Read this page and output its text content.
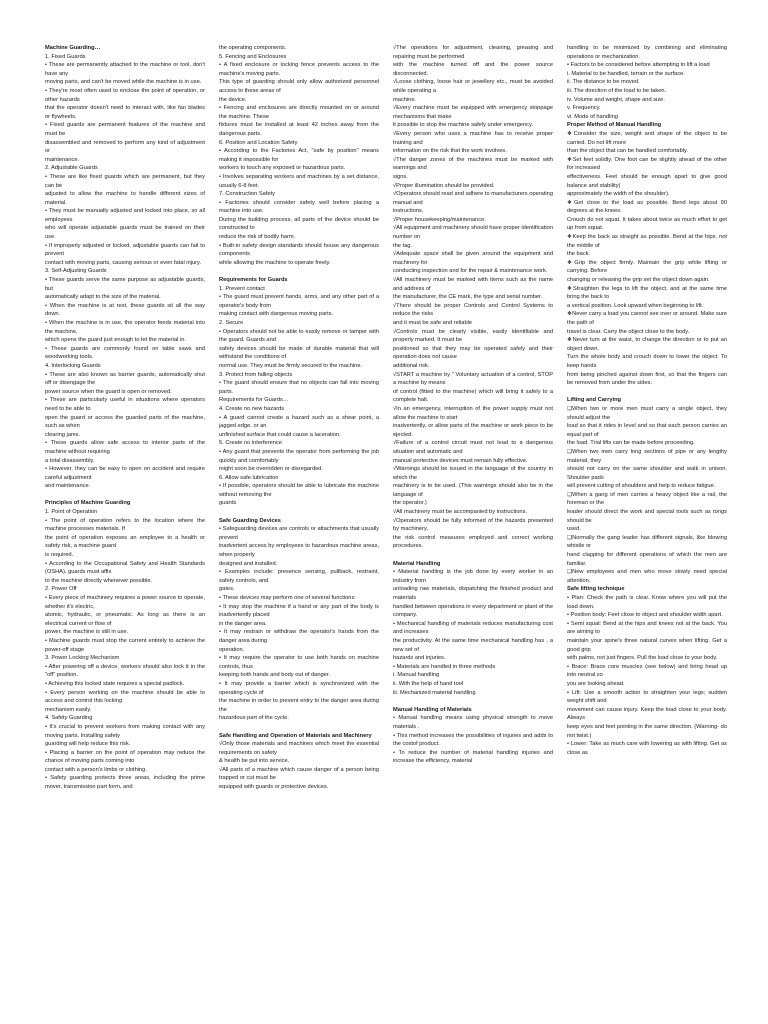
Machine Guarding…
1. Fixed Guards
• These are permanently attached to the machine or tool, don't have any
moving parts, and can't be moved while the machine is in use.
• They're most often used to enclose the point of operation, or other hazards
that the operator doesn't need to interact with, like fan blades or flywheels.
• Fixed guards are permanent features of the machine and must be
disassembled and removed to perform any kind of adjustment or
maintenance.
2. Adjustable Guards
• These are like fixed guards which are permanent, but they can be
adjusted to allow the machine to handle different sizes of material.
• They must be manually adjusted and locked into place, so all employees
who will operate adjustable guards must be trained on their use.
• If improperly adjusted or locked, adjustable guards can fail to prevent
contact with moving parts, causing serious or even fatal injury.
3. Self-Adjusting Guards
• These guards serve the same purpose as adjustable guards, but
automatically adapt to the size of the material.
• When the machine is at rest, these guards sit all the way down.
• When the machine is in use, the operator feeds material into the machine,
which opens the guard just enough to let the material in.
• These guards are commonly found on table saws and woodworking tools.
4. Interlocking Guards
• These are also known as barrier guards, automatically shut off or disengage the
power source when the guard is open or removed.
• These are particularly useful in situations where operators need to be able to
open the guard or access the guarded parts of the machine, such as when
clearing jams.
• These guards allow safe access to interior parts of the machine without requiring
a total disassembly.
• However, they can be easy to open on accident and require careful adjustment
and maintenance.
Principles of Machine Guarding
1. Point of Operation
• The point of operation refers to the location where the machine processes materials. If
the point of operation exposes an employee to a health or safety risk, a machine guard
is required.
• According to the Occupational Safety and Health Standards (OSHA), guards must affix
to the machine directly whenever possible.
2. Power Off
• Every piece of machinery requires a power source to operate, whether it's electric,
atomic, hydraulic, or pneumatic. As long as there is an electrical current or flow of
power, the machine is still in use.
• Machine guards must stop the current entirely to achieve the power-off stage
3. Power Locking Mechanism
• After powering off a device, workers should also lock it in the "off" position.
• Achieving this locked state requires a special padlock.
• Every person working on the machine should be able to access and control this locking
mechanism easily.
4. Safety Guarding
• It's crucial to prevent workers from making contact with any moving parts. Installing safety
guarding will help reduce this risk.
• Placing a barrier on the point of operation may reduce the chance of moving parts coming into
contact with a person's limbs or clothing.
• Safety guarding protects three areas, including the prime mover, transmission part form, and
the operating components.
5. Fencing and Enclosures
• A fixed enclosure or locking fence prevents access to the machine's moving parts.
This type of guarding should only allow authorized personnel access to these areas of
the device.
• Fencing and enclosures are directly mounted on or around the machine. These
fixtures must be installed at least 42 inches away from the dangerous parts.
6. Position and Location Safety
• According to the Factories Act, "safe by position" means making it impossible for
workers to touch any exposed or hazardous parts.
• Involves separating workers and machines by a set distance, usually 6-8 feet.
7. Construction Safety
• Factories should consider safety well before placing a machine into use.
During the building process, all parts of the device should be constructed to
reduce the risk of bodily harm.
• Built-in safety design standards should house any dangerous components
while allowing the machine to operate freely.
Requirements for Guards
1. Prevent contact
• The guard must prevent hands, arms, and any other part of a operator's body from
making contact with dangerous moving parts.
2. Secure
• Operators should not be able to easily remove or tamper with the guard. Guards and
safety devices should be made of durable material that will withstand the conditions of
normal use. They must be firmly secured to the machine.
3. Protect from falling objects
• The guard should ensure that no objects can fall into moving parts.
Requirements for Guards…
4. Create no new hazards
• A guard cannot create a hazard such as a shear point, a jagged edge, or an
unfinished surface that could cause a laceration.
5. Create no interference
• Any guard that prevents the operator from performing the job quickly and comfortably
might soon be overridden or disregarded.
6. Allow safe lubrication
• If possible, operators should be able to lubricate the machine without removing the
guards
Safe Guarding Devices
• Safeguarding devices are controls or attachments that usually prevent
inadvertent access by employees to hazardous machine areas, when properly
designed and installed.
• Examples include: presence sensing, pullback, restraint, safety controls, and
gates.
• These devices may perform one of several functions:
• It may stop the machine if a hand or any part of the body is inadvertently placed
in the danger area.
• It may restrain or withdraw the operator's hands from the danger area during
operation.
• It may require the operator to use both hands on machine controls, thus
keeping both hands and body out of danger.
• It may provide a barrier which is synchronized with the operating cycle of
the machine in order to prevent entry to the danger area during the
hazardous part of the cycle.
Safe Handling and Operation of Materials and Machinery
√Only those materials and machines which meet the essential requirements on safety
& health be put into service.
√All parts of a machine which cause danger of a person being trapped or cut must be
equipped with guards or protective devices.
√The operations for adjustment, cleaning, greasing and repairing must be performed
with the machine turned off and the power source disconnected.
√Loose clothing, loose hair or jewellery etc., must be avoided while operating a
machine.
√Every machine must be equipped with emergency stoppage mechanisms that make
it possible to stop the machine safely under emergency.
√Every person who uses a machine has to receive proper training and
information on the risk that the work involves.
√The danger zones of the machines must be marked with warnings and
signs.
√Proper illumination should be provided.
√Operators should read and adhere to manufacturers operating manual and
instructions.
√Proper housekeeping/maintenance.
√All equipment and machinery should have proper identification number on
the tag.
√Adequate space shall be given around the equipment and machinery for
conducting inspection and for the repair & maintenance work.
√All machinery must be marked with items such as the name and address of
the manufacturer, the CE mark, the type and serial number.
√There should be proper Controls and Control Systems to reduce the risks
and it must be safe and reliable
√Controls must be clearly visible, easily identifiable and properly marked. It must be
positioned so that they may be operated safely and their operation does not cause
additional risk.
√START a machine by " Voluntary actuation of a control, STOP a machine by means
of control (fitted to the machine) which will bring it safely to a complete halt.
√In an emergency, interruption of the power supply must not allow the machine to start
inadvertently, or allow parts of the machine or work piece to be ejected.
√Failure of a control circuit must not lead to a dangerous situation and automatic and
manual protective devices must remain fully effective.
√Warnings should be issued in the language of the country in which the
machinery is to be used. (This warnings should also be in the language of
the operator.)
√All machinery must be accompanied by instructions.
√Operators should be fully informed of the hazards presented by machinery,
the risk control measures employed and correct working procedures.
Material Handling
• Material handling is the job done by every worker in an industry from
unloading raw materials, dispatching the finished product and materials
handled between operations in every department or plant of the company.
• Mechanical handling of materials reduces manufacturing cost and increases
the productivity. At the same time mechanical handling has , a new set of
hazards and injuries.
• Materials are handled in three methods
i. Manual handling
ii. With the help of hand tool
iii. Mechanized material handling
Manual Handling of Materials
• Manual handling means using physical strength to move materials .
• This method increases the possibilities of injuries and adds to the costof product.
• To reduce the number of material handling injuries and increase the efficiency, material
handling to be minimized by combining and eliminating operations or mechanization.
• Factors to be considered before attempting to lift a load
i. Material to be handled, terrain or the surface.
ii. The distance to be moved.
iii. The direction of the load to be taken.
iv. Volume and weight, shape and size.
v. Frequency.
vi. Mode of handling
Proper Method of Manual Handling
❖Consider the size, weight and shape of the object to be carried. Do not lift more
than the object that can be handled comfortably.
❖Set feet solidly. One foot can be slightly ahead of the other for increased
effectiveness. Feet should be enough apart to give good balance and stability(
approximately the width of the shoulder).
❖Get close to the load as possible. Bend legs about 90 degrees at the knees.
Crouch do not squat. It takes about twice as much effort to get up from squat.
❖Keep the back as straight as possible. Bend at the hips, not the middle of
the back.
❖Grip the object firmly. Maintain the grip while lifting or carrying. Before
changing or releasing the grip set the object down again.
❖Straighten the legs to lift the object, and at the same time bring the back to
a vertical position. Look upward when beginning to lift.
❖Never carry a load you cannot see over or around. Make sure the path of
travel is clear. Carry the object close to the body.
❖Never turn at the waist, to change the direction or to put an object down.
Turn the whole body and crouch down to lower the object. To keep hands
from being pinched against down first, so that the fingers can be removed from under the sides.
Lifting and Carrying
❑When two or more men must carry a single object, they should adjust the
load so that it rides in level and so that each person carries an equal part of
the load. Trial lifts can be made before proceeding.
❑When two men carry long sections of pipe or any lengthy material, they
should not carry on the same shoulder and walk in unison. Shoulder pads
will prevent cutting of shoulders and help to reduce fatigue.
❑When a gang of men carries a heavy object like a rail, the foreman or the
leader should direct the work and special tools such as tongs should be
used.
❑Normally the gang leader has different signals, like blowing whistle or
hand clapping for different operations of which the men are familiar.
❑New employees and men who move slowly need special attention.
Safe lifting technique
• Plan: Check the path is clear. Know where you will put the load down.
• Position body: Feet close to object and shoulder width apart.
• Semi squat: Bend at the hips and knees not at the back. You are aiming to
maintain your spine's three natural curves when lifting. Get a good grip
with palms, not just fingers. Pull the load close to your body.
• Brace: Brace core muscles (see below) and bring head up into neutral so
you are looking ahead.
• Lift: Use a smooth action to straighten your legs; sudden weight shift and
movement can cause injury. Keep the load close to your body. Always
keep eyes and feet pointing in the same direction. (Warning- do not twist.)
• Lower: Take as much care with lowering as with lifting. Get as close as
